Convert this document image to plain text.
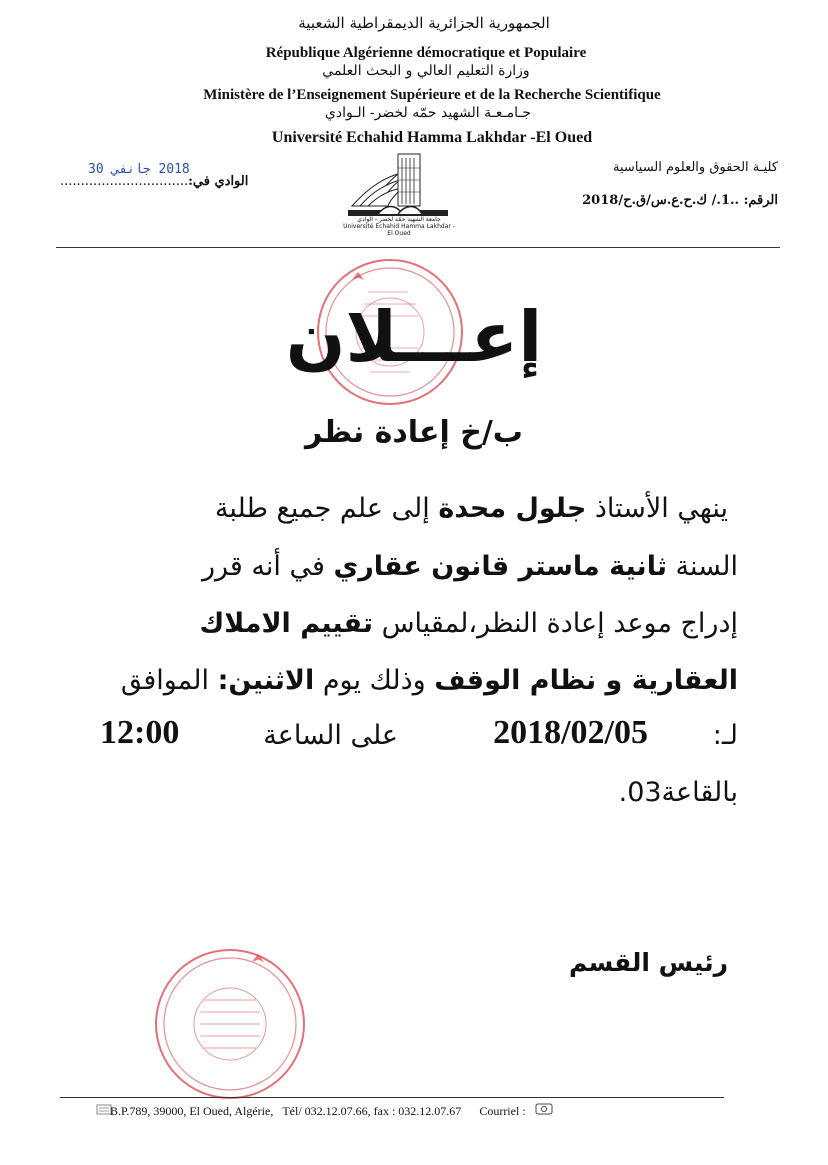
الجمهورية الجزائرية الديمقراطية الشعبية
République Algérienne démocratique et Populaire
وزارة التعليم العالي و البحث العلمي
Ministère de l’Enseignement Supérieure et de la Recherche Scientifique
جـامـعـة الشهيد حمّه لخضر- الـوادي
Université Echahid Hamma Lakhdar -El Oued
كليـة الحقوق والعلوم السياسية
الرقم: ..1./ ك.ح.ع.س/ق.ح/2018
الوادي في:...............................
2018 جانفي 30
جامعة الشهيد حمّه لخضر - الوادي
Université Echahid Hamma Lakhdar - El Oued
إعـــلان
ب/خ إعادة نظر
ينهي الأستاذ جلول محدة إلى علم جميع طلبة
السنة ثانية ماستر قانون عقاري في أنه قرر
إدراج موعد إعادة النظر،لمقياس تقييم الاملاك
العقارية و نظام الوقف وذلك يوم الاثنين: الموافق
لـ:
2018/02/05
على الساعة
12:00
بالقاعة03.
رئيس القسم
B.P.789, 39000, El Oued, Algérie, Tél/ 032.12.07.66, fax : 032.12.07.67 Courriel :
